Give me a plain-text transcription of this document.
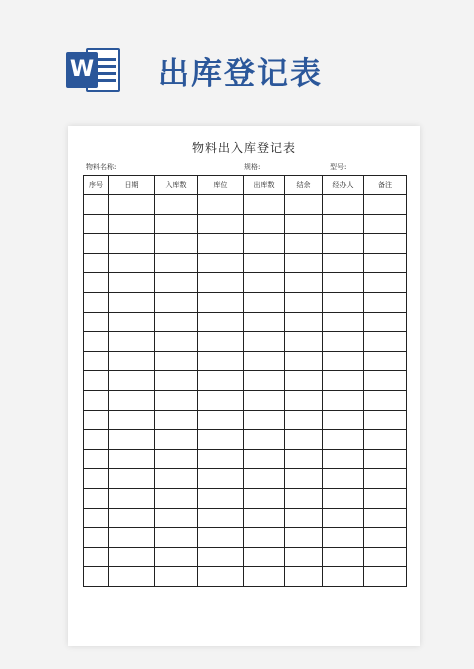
W 出库登记表
物料出入库登记表
物料名称:	规格:	型号:
序号	日期	入库数	库位	出库数	结余	经办人	备注
